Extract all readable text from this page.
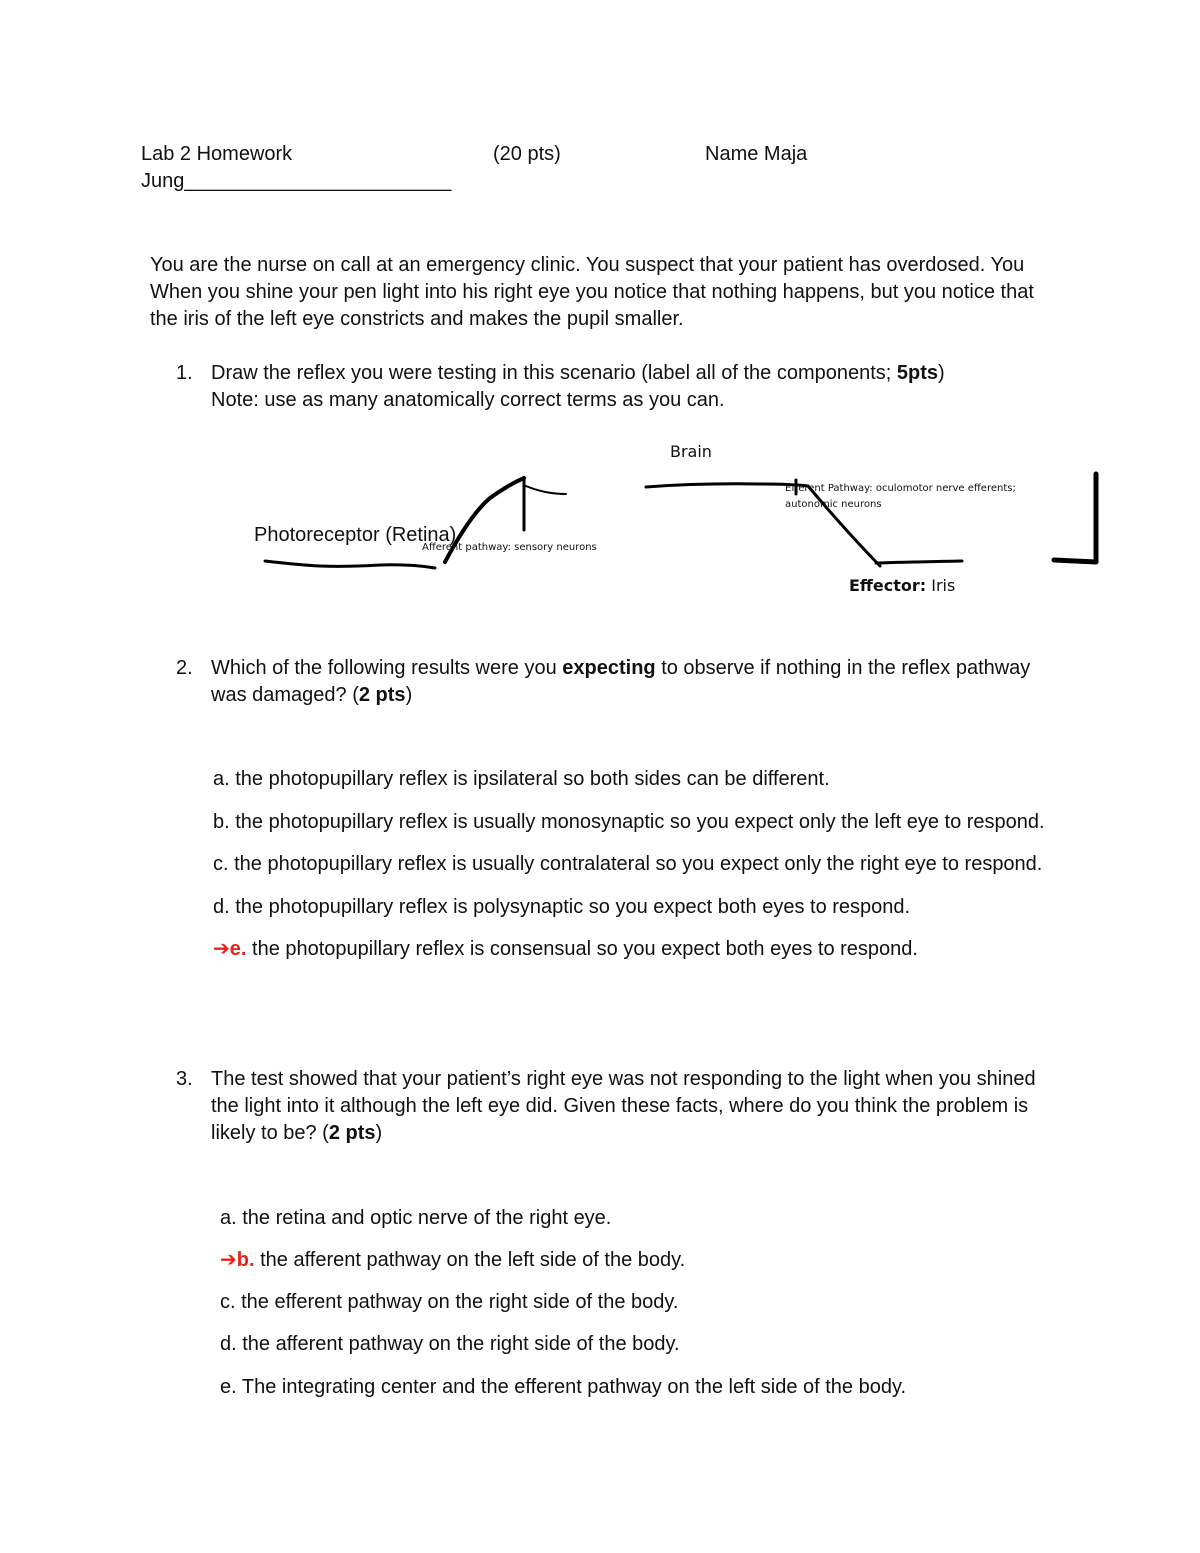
Lab 2 Homework	(20 pts)	Name Maja
Jung________________________
You are the nurse on call at an emergency clinic. You suspect that your patient has overdosed. You
When you shine your pen light into his right eye you notice that nothing happens, but you notice that
the iris of the left eye constricts and makes the pupil smaller.
1. Draw the reflex you were testing in this scenario (label all of the components; 5pts)
Note: use as many anatomically correct terms as you can.
Photoreceptor (Retina)
Afferent pathway: sensory neurons
Brain
Efferent Pathway: oculomotor nerve efferents;
autonomic neurons
Effector: Iris
2. Which of the following results were you expecting to observe if nothing in the reflex pathway
was damaged? (2 pts)
a. the photopupillary reflex is ipsilateral so both sides can be different.
b. the photopupillary reflex is usually monosynaptic so you expect only the left eye to respond.
c. the photopupillary reflex is usually contralateral so you expect only the right eye to respond.
d. the photopupillary reflex is polysynaptic so you expect both eyes to respond.
➔e. the photopupillary reflex is consensual so you expect both eyes to respond.
3. The test showed that your patient’s right eye was not responding to the light when you shined
the light into it although the left eye did. Given these facts, where do you think the problem is
likely to be? (2 pts)
a. the retina and optic nerve of the right eye.
➔b. the afferent pathway on the left side of the body.
c. the efferent pathway on the right side of the body.
d. the afferent pathway on the right side of the body.
e. The integrating center and the efferent pathway on the left side of the body.
